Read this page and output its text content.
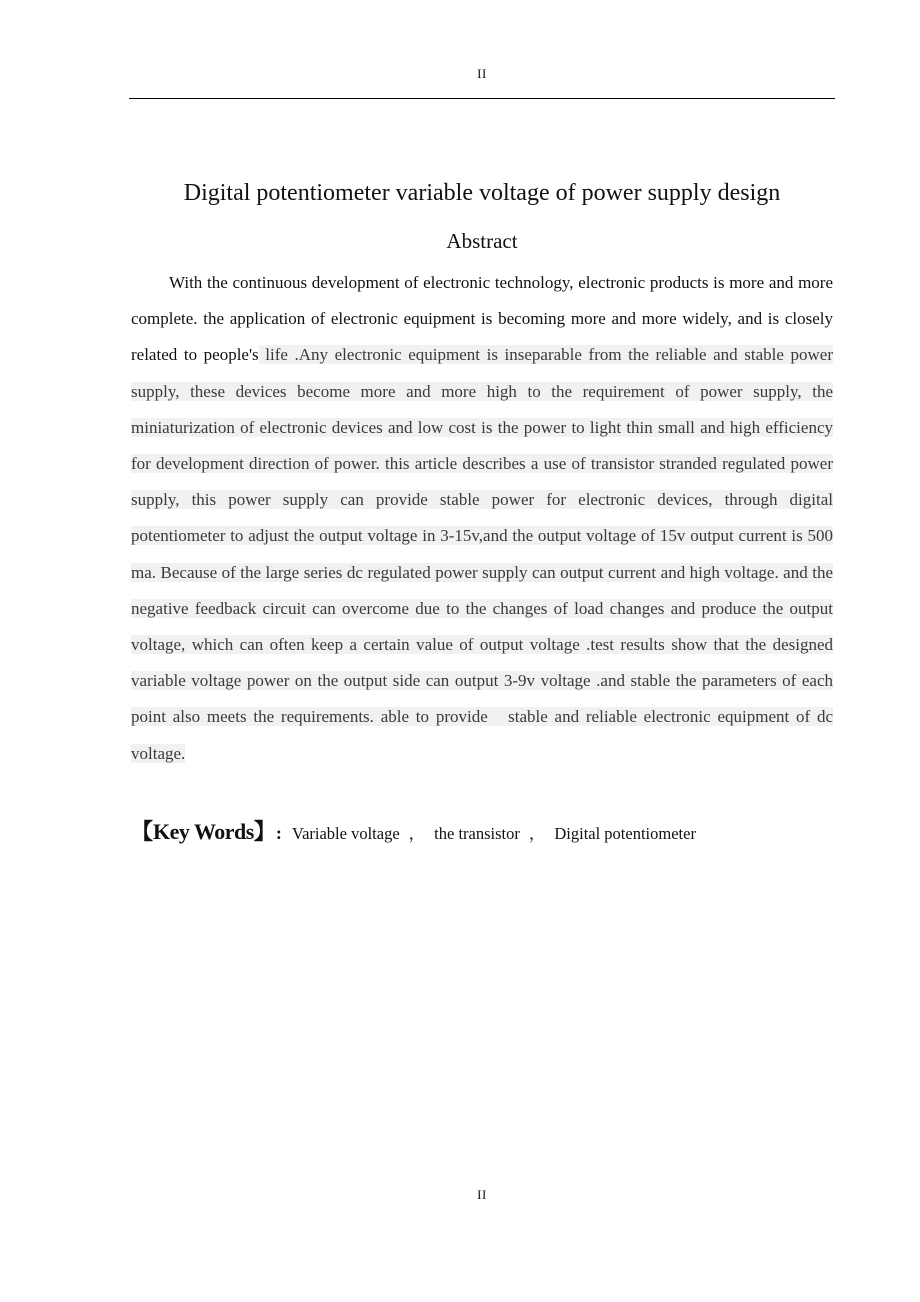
II
Digital potentiometer variable voltage of power supply design
Abstract

With the continuous development of electronic technology, electronic products is more and more complete. the application of electronic equipment is becoming more and more widely, and is closely related to people's life .Any electronic equipment is inseparable from the reliable and stable power supply, these devices become more and more high to the requirement of power supply, the miniaturization of electronic devices and low cost is the power to light thin small and high efficiency for development direction of power. this article describes a use of transistor stranded regulated power supply, this power supply can provide stable power for electronic devices, through digital potentiometer to adjust the output voltage in 3-15v,and the output voltage of 15v output current is 500 ma. Because of the large series dc regulated power supply can output current and high voltage. and the negative feedback circuit can overcome due to the changes of load changes and produce the output voltage, which can often keep a certain value of output voltage .test results show that the designed variable voltage power on the output side can output 3-9v voltage .and stable the parameters of each point also meets the requirements. able to provide   stable and reliable electronic equipment of dc voltage.

【Key Words】: Variable voltage ， the transistor ， Digital potentiometer
II
